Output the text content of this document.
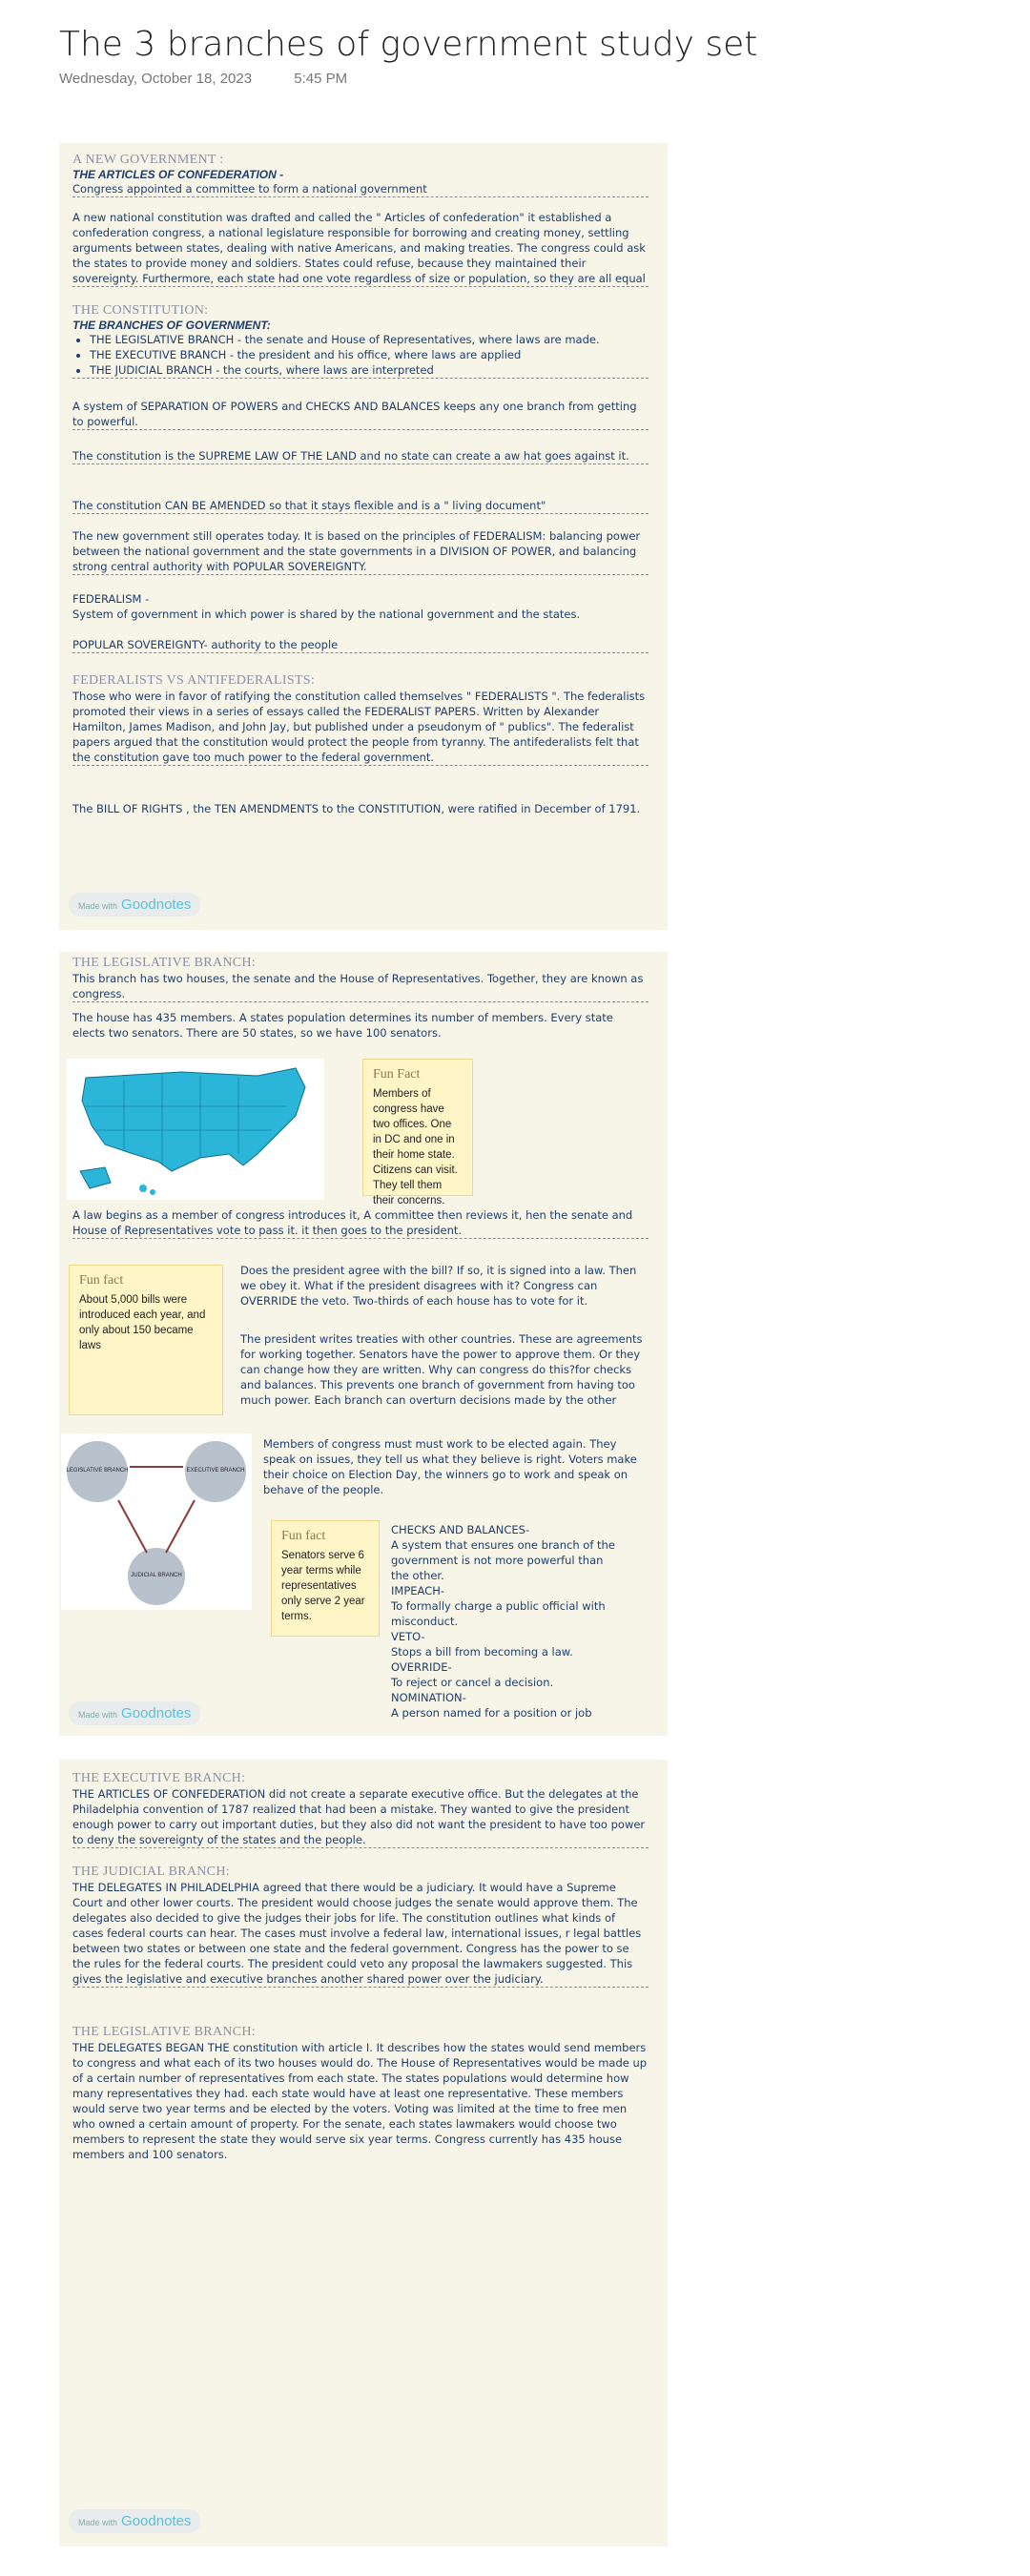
The 3 branches of government study set
Wednesday, October 18, 2023	5:45 PM
A NEW GOVERNMENT :
THE ARTICLES OF CONFEDERATION -
Congress appointed a committee to form a national government
A new national constitution was drafted and called the " Articles of confederation" it established a confederation congress, a national legislature responsible for borrowing and creating money, settling arguments between states, dealing with native Americans, and making treaties. The congress could ask the states to provide money and soldiers. States could refuse, because they maintained their sovereignty. Furthermore, each state had one vote regardless of size or population, so they are all equal
THE CONSTITUTION:
THE BRANCHES OF GOVERNMENT:
• THE LEGISLATIVE BRANCH - the senate and House of Representatives, where laws are made.
• THE EXECUTIVE BRANCH - the president and his office, where laws are applied
• THE JUDICIAL BRANCH - the courts, where laws are interpreted
A system of SEPARATION OF POWERS and CHECKS AND BALANCES keeps any one branch from getting to powerful.
The constitution is the SUPREME LAW OF THE LAND and no state can create a aw hat goes against it.
The constitution CAN BE AMENDED so that it stays flexible and is a " living document"
The new government still operates today. It is based on the principles of FEDERALISM: balancing power between the national government and the state governments in a DIVISION OF POWER, and balancing strong central authority with POPULAR SOVEREIGNTY.
FEDERALISM -
System of government in which power is shared by the national government and the states.
POPULAR SOVEREIGNTY- authority to the people
FEDERALISTS VS ANTIFEDERALISTS:
Those who were in favor of ratifying the constitution called themselves " FEDERALISTS ". The federalists promoted their views in a series of essays called the FEDERALIST PAPERS. Written by Alexander Hamilton, James Madison, and John Jay, but published under a pseudonym of " publics". The federalist papers argued that the constitution would protect the people from tyranny. The antifederalists felt that the constitution gave too much power to the federal government.
The BILL OF RIGHTS , the TEN AMENDMENTS to the CONSTITUTION, were ratified in December of 1791.
Made with Goodnotes
THE LEGISLATIVE BRANCH:
This branch has two houses, the senate and the House of Representatives. Together, they are known as congress.
The house has 435 members. A states population determines its number of members. Every state elects two senators. There are 50 states, so we have 100 senators.
Fun Fact
Members of congress have two offices. One in DC and one in their home state. Citizens can visit. They tell them their concerns.
A law begins as a member of congress introduces it, A committee then reviews it, hen the senate and House of Representatives vote to pass it. it then goes to the president.
Fun fact
About 5,000 bills were introduced each year, and only about 150 became laws
Does the president agree with the bill? If so, it is signed into a law. Then we obey it. What if the president disagrees with it? Congress can OVERRIDE the veto. Two-thirds of each house has to vote for it.
The president writes treaties with other countries. These are agreements for working together. Senators have the power to approve them. Or they can change how they are written. Why can congress do this?for checks and balances. This prevents one branch of government from having too much power. Each branch can overturn decisions made by the other
LEGISLATIVE BRANCH	EXECUTIVE BRANCH
JUDICIAL BRANCH
Members of congress must must work to be elected again. They speak on issues, they tell us what they believe is right. Voters make their choice on Election Day, the winners go to work and speak on behave of the people.
Fun fact
Senators serve 6 year terms while representatives only serve 2 year terms.
CHECKS AND BALANCES-
A system that ensures one branch of the government is not more powerful than the other.
IMPEACH-
To formally charge a public official with misconduct.
VETO-
Stops a bill from becoming a law.
OVERRIDE-
To reject or cancel a decision.
NOMINATION-
A person named for a position or job
Made with Goodnotes
THE EXECUTIVE BRANCH:
THE ARTICLES OF CONFEDERATION did not create a separate executive office. But the delegates at the Philadelphia convention of 1787 realized that had been a mistake. They wanted to give the president enough power to carry out important duties, but they also did not want the president to have too power to deny the sovereignty of the states and the people.
THE JUDICIAL BRANCH:
THE DELEGATES IN PHILADELPHIA agreed that there would be a judiciary. It would have a Supreme Court and other lower courts. The president would choose judges the senate would approve them. The delegates also decided to give the judges their jobs for life. The constitution outlines what kinds of cases federal courts can hear. The cases must involve a federal law, international issues, r legal battles between two states or between one state and the federal government. Congress has the power to se the rules for the federal courts. The president could veto any proposal the lawmakers suggested. This gives the legislative and executive branches another shared power over the judiciary.
THE LEGISLATIVE BRANCH:
THE DELEGATES BEGAN THE constitution with article I. It describes how the states would send members to congress and what each of its two houses would do. The House of Representatives would be made up of a certain number of representatives from each state. The states populations would determine how many representatives they had. each state would have at least one representative. These members would serve two year terms and be elected by the voters. Voting was limited at the time to free men who owned a certain amount of property. For the senate, each states lawmakers would choose two members to represent the state they would serve six year terms. Congress currently has 435 house members and 100 senators.
Made with Goodnotes
